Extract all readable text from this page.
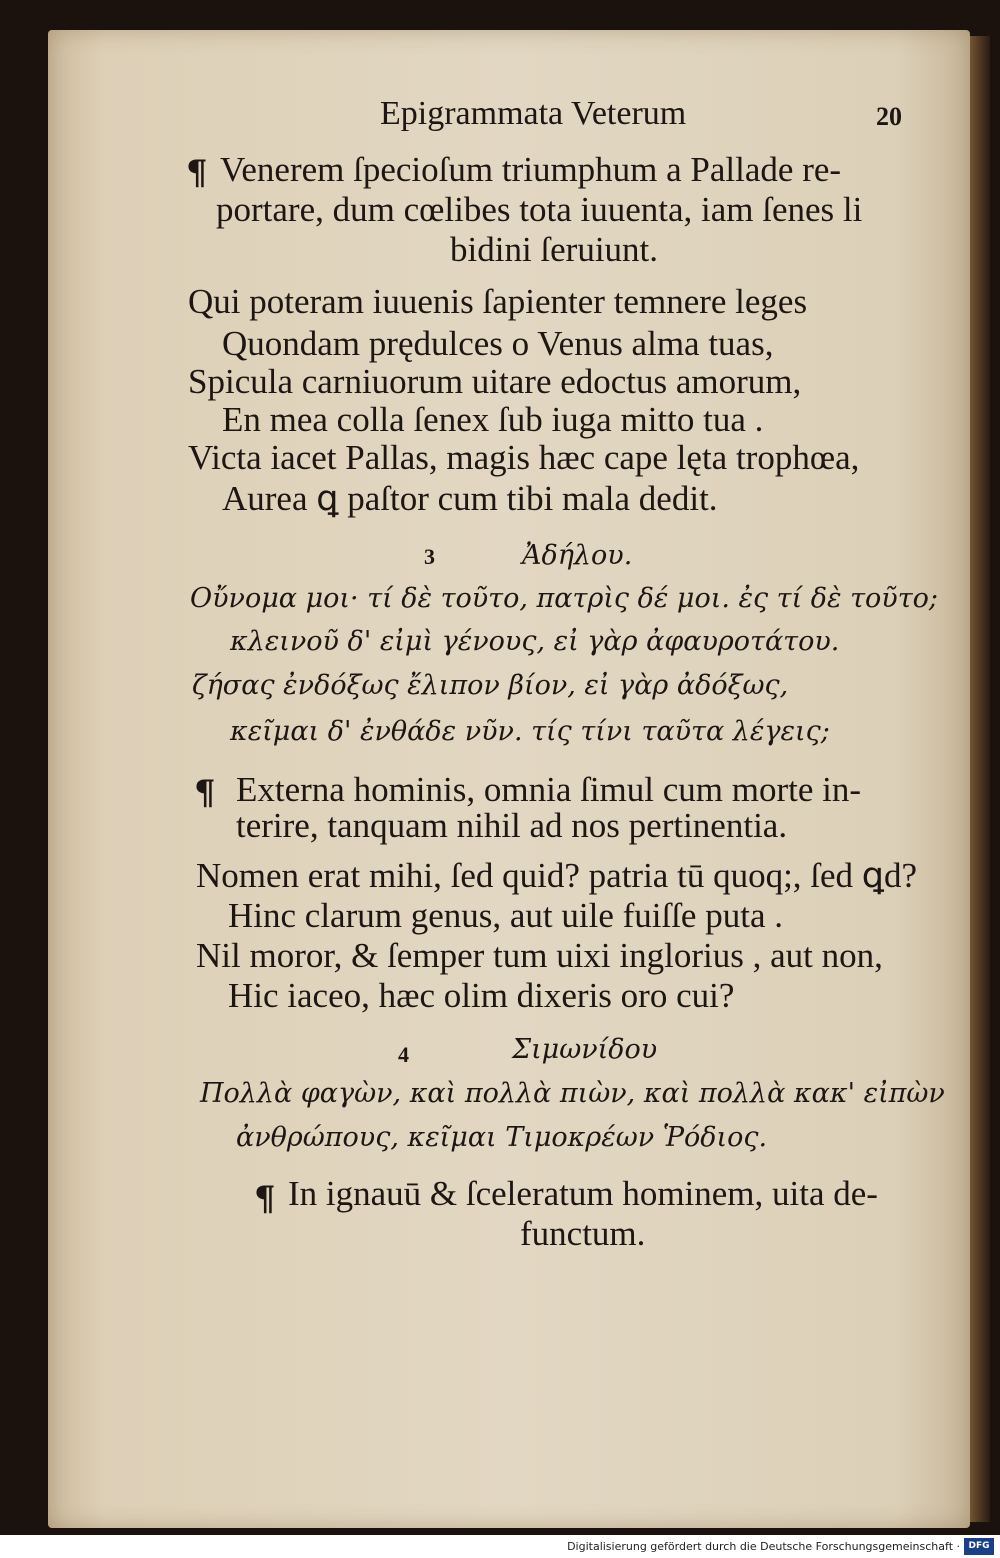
Epigrammata Veterum	20
¶ Venerem ſpecioſum triumphum a Pallade re-
portare, dum cœlibes tota iuuenta, iam ſenes li
bidini ſeruiunt.
Qui poteram iuuenis ſapienter temnere leges
Quondam prędulces o Venus alma tuas,
Spicula carniuorum uitare edoctus amorum,
En mea colla ſenex ſub iuga mitto tua .
Victa iacet Pallas, magis hæc cape lęta trophœa,
Aurea ꝗ paſtor cum tibi mala dedit.
3	Ἀδήλου.
Οὔνομα μοι· τί δὲ τοῦτο, πατρὶς δέ μοι. ἐς τί δὲ τοῦτο;
κλεινοῦ δ' εἰμὶ γένους, εἰ γὰρ ἀφαυροτάτου.
ζήσας ἐνδόξως ἔλιπον βίον, εἰ γὰρ ἀδόξως,
κεῖμαι δ' ἐνθάδε νῦν. τίς τίνι ταῦτα λέγεις;
¶ Externa hominis, omnia ſimul cum morte in-
terire, tanquam nihil ad nos pertinentia.
Nomen erat mihi, ſed quid? patria tū quoq;, ſed ꝗd?
Hinc clarum genus, aut uile fuiſſe puta .
Nil moror, & ſemper tum uixi inglorius , aut non,
Hic iaceo, hæc olim dixeris oro cui?
4	Σιμωνίδου
Πολλὰ φαγὼν, καὶ πολλὰ πιὼν, καὶ πολλὰ κακ' εἰπὼν
ἀνθρώπους, κεῖμαι Τιμοκρέων Ῥόδιος.
¶ In ignauū & ſceleratum hominem, uita de-
functum.
Digitalisierung gefördert durch die Deutsche Forschungsgemeinschaft · DFG
